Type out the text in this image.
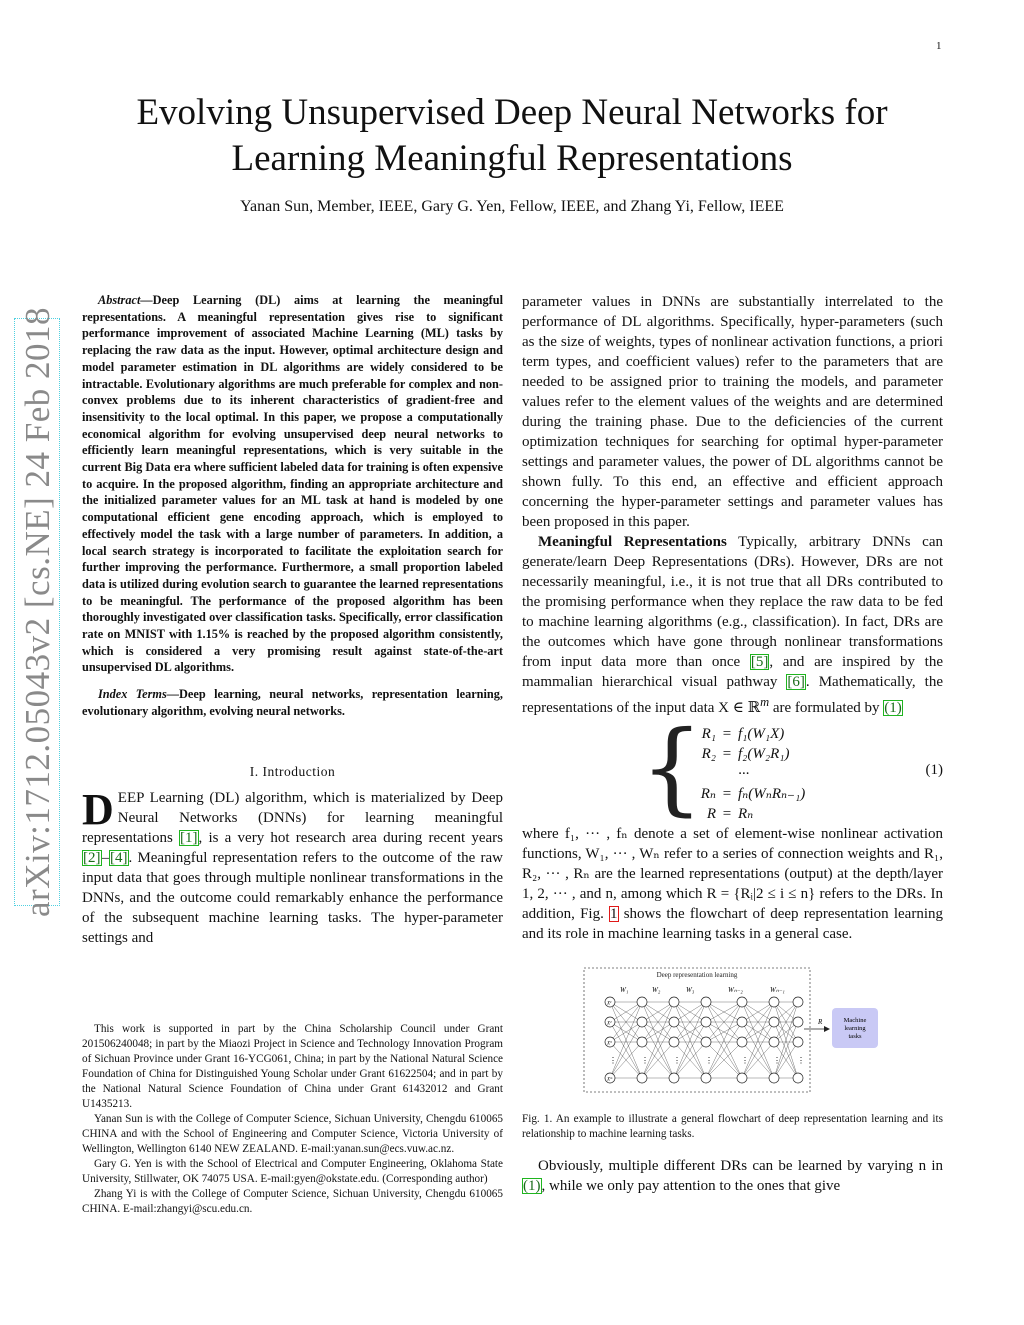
1
arXiv:1712.05043v2 [cs.NE] 24 Feb 2018
Evolving Unsupervised Deep Neural Networks for
Learning Meaningful Representations
Yanan Sun, Member, IEEE, Gary G. Yen, Fellow, IEEE, and Zhang Yi, Fellow, IEEE

Abstract—Deep Learning (DL) aims at learning the meaningful representations. A meaningful representation gives rise to significant performance improvement of associated Machine Learning (ML) tasks by replacing the raw data as the input. However, optimal architecture design and model parameter estimation in DL algorithms are widely considered to be intractable. Evolutionary algorithms are much preferable for complex and non-convex problems due to its inherent characteristics of gradient-free and insensitivity to the local optimal. In this paper, we propose a computationally economical algorithm for evolving unsupervised deep neural networks to efficiently learn meaningful representations, which is very suitable in the current Big Data era where sufficient labeled data for training is often expensive to acquire. In the proposed algorithm, finding an appropriate architecture and the initialized parameter values for an ML task at hand is modeled by one computational efficient gene encoding approach, which is employed to effectively model the task with a large number of parameters. In addition, a local search strategy is incorporated to facilitate the exploitation search for further improving the performance. Furthermore, a small proportion labeled data is utilized during evolution search to guarantee the learned representations to be meaningful. The performance of the proposed algorithm has been thoroughly investigated over classification tasks. Specifically, error classification rate on MNIST with 1.15% is reached by the proposed algorithm consistently, which is considered a very promising result against state-of-the-art unsupervised DL algorithms.

Index Terms—Deep learning, neural networks, representation learning, evolutionary algorithm, evolving neural networks.

I. Introduction

DEEP Learning (DL) algorithm, which is materialized by Deep Neural Networks (DNNs) for learning meaningful representations [1], is a very hot research area during recent years [2]–[4]. Meaningful representation refers to the outcome of the raw input data that goes through multiple nonlinear transformations in the DNNs, and the outcome could remarkably enhance the performance of the subsequent machine learning tasks. The hyper-parameter settings and

This work is supported in part by the China Scholarship Council under Grant 201506240048; in part by the Miaozi Project in Science and Technology Innovation Program of Sichuan Province under Grant 16-YCG061, China; in part by the National Natural Science Foundation of China for Distinguished Young Scholar under Grant 61622504; and in part by the National Natural Science Foundation of China under Grant 61432012 and Grant U1435213.

Yanan Sun is with the College of Computer Science, Sichuan University, Chengdu 610065 CHINA and with the School of Engineering and Computer Science, Victoria University of Wellington, Wellington 6140 NEW ZEALAND. E-mail:yanan.sun@ecs.vuw.ac.nz.

Gary G. Yen is with the School of Electrical and Computer Engineering, Oklahoma State University, Stillwater, OK 74075 USA. E-mail:gyen@okstate.edu. (Corresponding author)

Zhang Yi is with the College of Computer Science, Sichuan University, Chengdu 610065 CHINA. E-mail:zhangyi@scu.edu.cn.

parameter values in DNNs are substantially interrelated to the performance of DL algorithms. Specifically, hyper-parameters (such as the size of weights, types of nonlinear activation functions, a priori term types, and coefficient values) refer to the parameters that are needed to be assigned prior to training the models, and parameter values refer to the element values of the weights and are determined during the training phase. Due to the deficiencies of the current optimization techniques for searching for optimal hyper-parameter settings and parameter values, the power of DL algorithms cannot be shown fully. To this end, an effective and efficient approach concerning the hyper-parameter settings and parameter values has been proposed in this paper.

Meaningful Representations Typically, arbitrary DNNs can generate/learn Deep Representations (DRs). However, DRs are not necessarily meaningful, i.e., it is not true that all DRs contributed to the promising performance when they replace the raw data to be fed to machine learning algorithms (e.g., classification). In fact, DRs are the outcomes which have gone through nonlinear transformations from input data more than once [5], and are inspired by the mammalian hierarchical visual pathway [6]. Mathematically, the representations of the input data X ∈ ℝ$^m$ are formulated by (1)

{
R₁ = f₁(W₁X)
R₂ = f₂(W₂R₁)
···
Rₙ = fₙ(WₙRₙ₋₁)
R = Rₙ
(1)

where f₁, ··· , fₙ denote a set of element-wise nonlinear activation functions, W₁, ··· , Wₙ refer to a series of connection weights and R₁, R₂, ··· , Rₙ are the learned representations (output) at the depth/layer 1, 2, ··· , and n, among which R = {Rᵢ|2 ≤ i ≤ n} refers to the DRs. In addition, Fig. 1 shows the flowchart of deep representation learning and its role in machine learning tasks in a general case.

Deep representation learning
X¹
X²
X³
Xᵐ
⋮	⋮	⋮	⋮	⋮	⋮ ⋮
W₁	W₂	W₃	Wₙ₋₂	Wₙ₋₁
R	Machine
learning
tasks

Fig. 1. An example to illustrate a general flowchart of deep representation learning and its relationship to machine learning tasks.

Obviously, multiple different DRs can be learned by varying n in (1), while we only pay attention to the ones that give
